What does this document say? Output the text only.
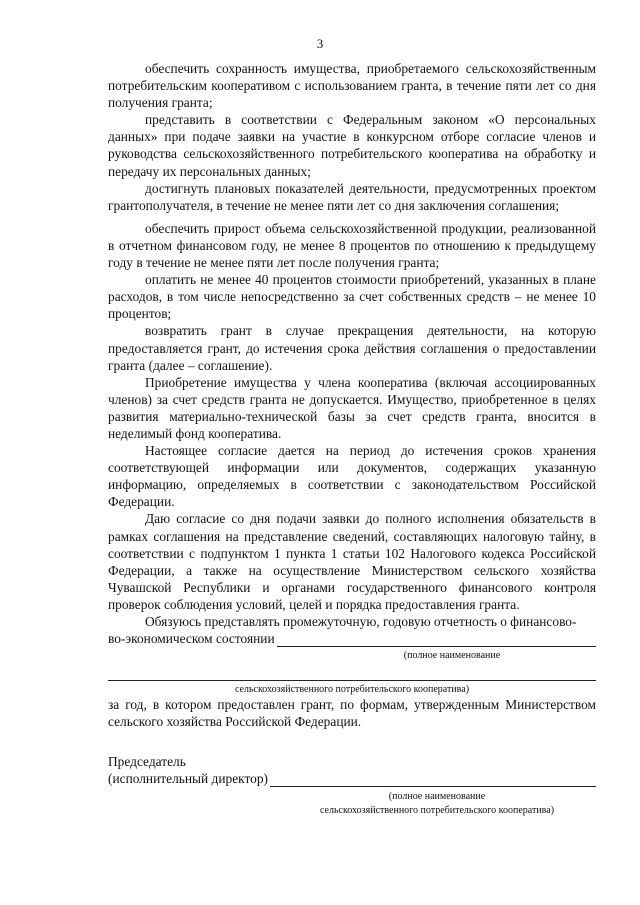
3

обеспечить сохранность имущества, приобретаемого сельскохозяйственным потребительским кооперативом с использованием гранта, в течение пяти лет со дня получения гранта;

представить в соответствии с Федеральным законом «О персональных данных» при подаче заявки на участие в конкурсном отборе согласие членов и руководства сельскохозяйственного потребительского кооператива на обработку и передачу их персональных данных;

достигнуть плановых показателей деятельности, предусмотренных проектом грантополучателя, в течение не менее пяти лет со дня заключения соглашения;

обеспечить прирост объема сельскохозяйственной продукции, реализованной в отчетном финансовом году, не менее 8 процентов по отношению к предыдущему году в течение не менее пяти лет после получения гранта;

оплатить не менее 40 процентов стоимости приобретений, указанных в плане расходов, в том числе непосредственно за счет собственных средств – не менее 10 процентов;

возвратить грант в случае прекращения деятельности, на которую предоставляется грант, до истечения срока действия соглашения о предоставлении гранта (далее – соглашение).

Приобретение имущества у члена кооператива (включая ассоциированных членов) за счет средств гранта не допускается. Имущество, приобретенное в целях развития материально-технической базы за счет средств гранта, вносится в неделимый фонд кооператива.

Настоящее согласие дается на период до истечения сроков хранения соответствующей информации или документов, содержащих указанную информацию, определяемых в соответствии с законодательством Российской Федерации.

Даю согласие со дня подачи заявки до полного исполнения обязательств в рамках соглашения на представление сведений, составляющих налоговую тайну, в соответствии с подпунктом 1 пункта 1 статьи 102 Налогового кодекса Российской Федерации, а также на осуществление Министерством сельского хозяйства Чувашской Республики и органами государственного финансового контроля проверок соблюдения условий, целей и порядка предоставления гранта.

Обязуюсь представлять промежуточную, годовую отчетность о финансово-

во-экономическом состоянии

(полное наименование

сельскохозяйственного потребительского кооператива)

за год, в котором предоставлен грант, по формам, утвержденным Министерством сельского хозяйства Российской Федерации.

Председатель
(исполнительный директор)

(полное наименование

сельскохозяйственного потребительского кооператива)
